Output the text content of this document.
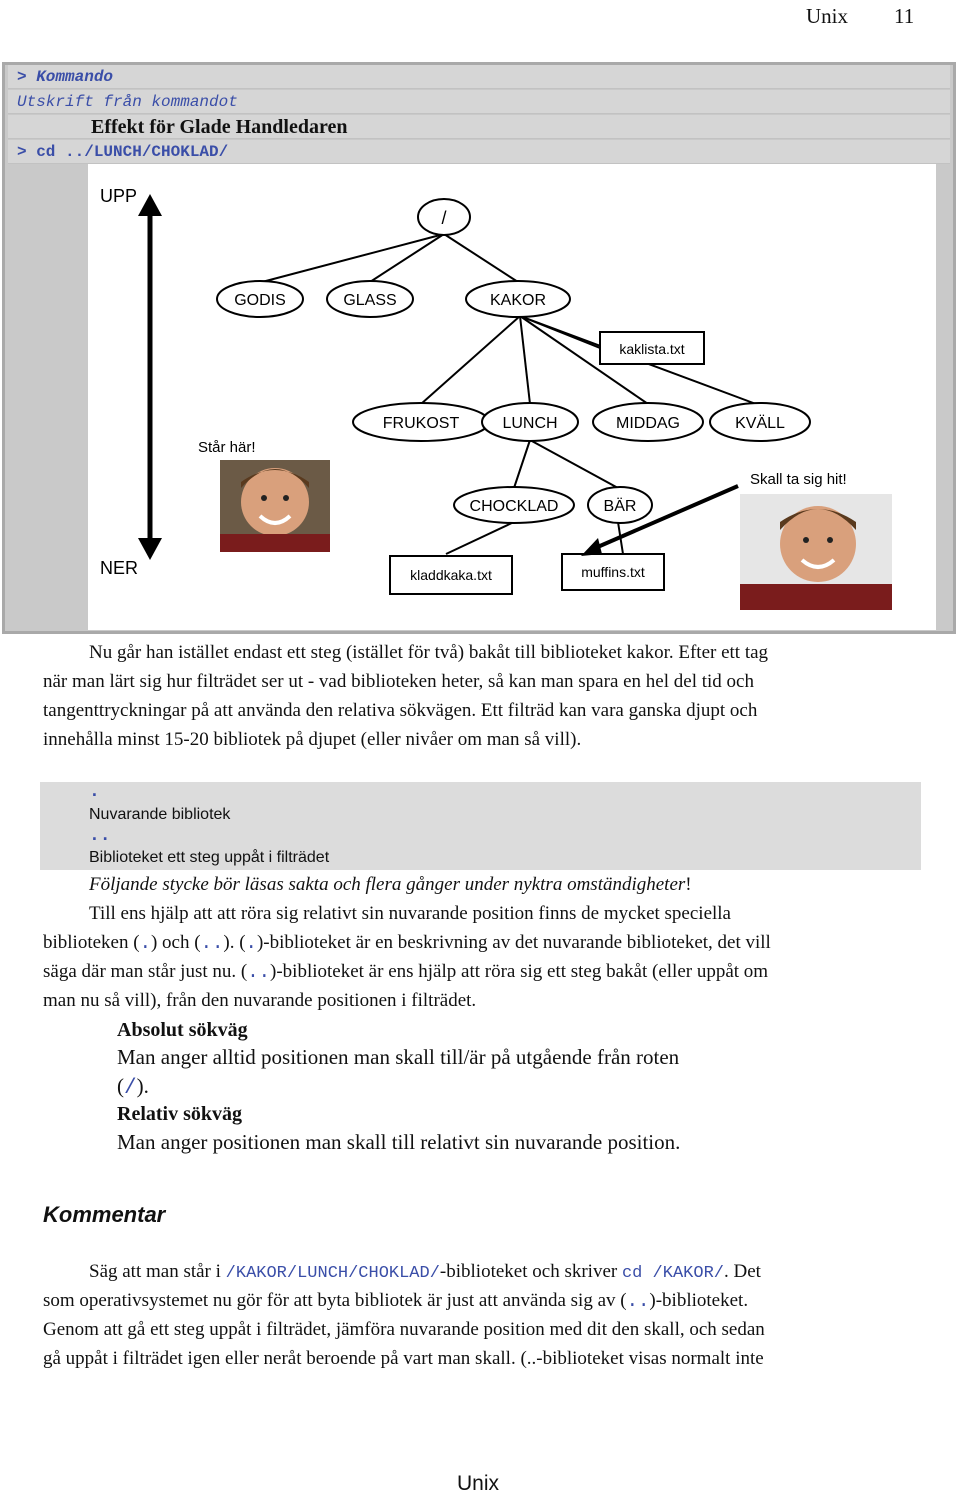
Unix 11
> Kommando
Utskrift från kommandot
Effekt för Glade Handledaren
> cd ../LUNCH/CHOKLAD/
UPP
NER
/
GODIS	GLASS	KAKOR
kaklista.txt
FRUKOST	LUNCH	MIDDAG	KVÄLL
CHOCKLAD	BÄR
kladdkaka.txt	muffins.txt
Står här!
Skall ta sig hit!
Nu går han istället endast ett steg (istället för två) bakåt till biblioteket kakor. Efter ett tag
när man lärt sig hur filträdet ser ut - vad biblioteken heter, så kan man spara en hel del tid och
tangenttryckningar på att använda den relativa sökvägen. Ett filträd kan vara ganska djupt och
innehålla minst 15-20 bibliotek på djupet (eller nivåer om man så vill).
.
Nuvarande bibliotek
..
Biblioteket ett steg uppåt i filträdet
Följande stycke bör läsas sakta och flera gånger under nyktra omständigheter!
Till ens hjälp att att röra sig relativt sin nuvarande position finns de mycket speciella
biblioteken (.) och (..). (.)-biblioteket är en beskrivning av det nuvarande biblioteket, det vill
säga där man står just nu. (..)-biblioteket är ens hjälp att röra sig ett steg bakåt (eller uppåt om
man nu så vill), från den nuvarande positionen i filträdet.
Absolut sökväg
Man anger alltid positionen man skall till/är på utgående från roten
(/).
Relativ sökväg
Man anger positionen man skall till relativt sin nuvarande position.
Kommentar
Säg att man står i /KAKOR/LUNCH/CHOKLAD/-biblioteket och skriver cd /KAKOR/. Det
som operativsystemet nu gör för att byta bibliotek är just att använda sig av (..)-biblioteket.
Genom att gå ett steg uppåt i filträdet, jämföra nuvarande position med dit den skall, och sedan
gå uppåt i filträdet igen eller neråt beroende på vart man skall. (..-biblioteket visas normalt inte
Unix
